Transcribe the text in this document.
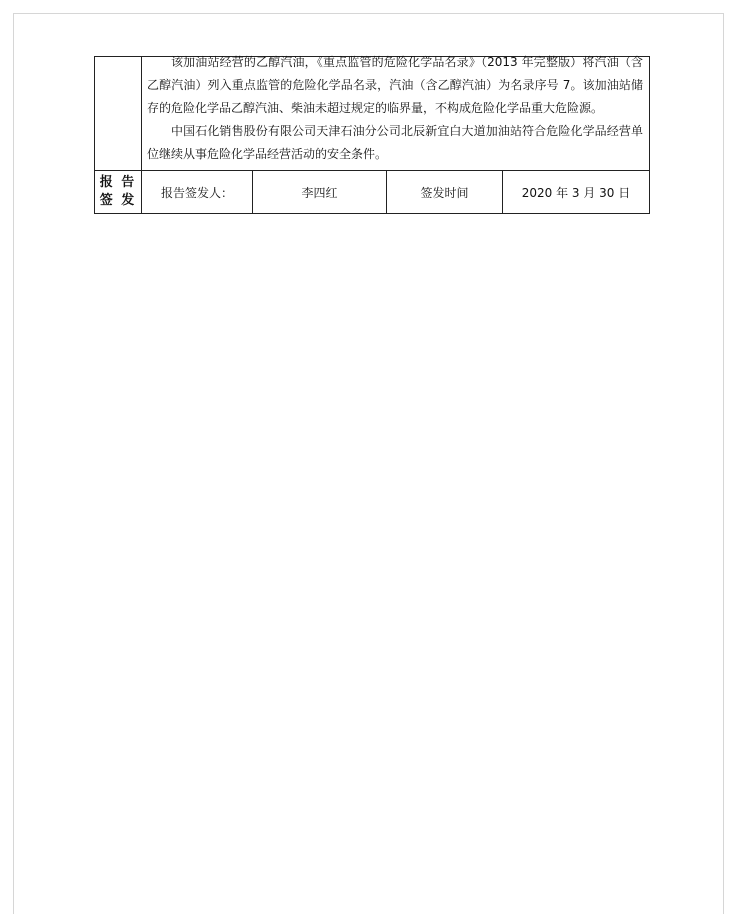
	该加油站经营的乙醇汽油，《重点监管的危险化学品名录》（2013 年完整版）将汽油（含乙醇汽油）列入重点监管的危险化学品名录，汽油（含乙醇汽油）为名录序号 7。该加油站储存的危险化学品乙醇汽油、柴油未超过规定的临界量，不构成危险化学品重大危险源。

中国石化销售股份有限公司天津石油分公司北辰新宜白大道加油站符合危险化学品经营单位继续从事危险化学品经营活动的安全条件。			

报 告
签 发	报告签发人：	李四红	签发时间	2020 年 3 月 30 日
